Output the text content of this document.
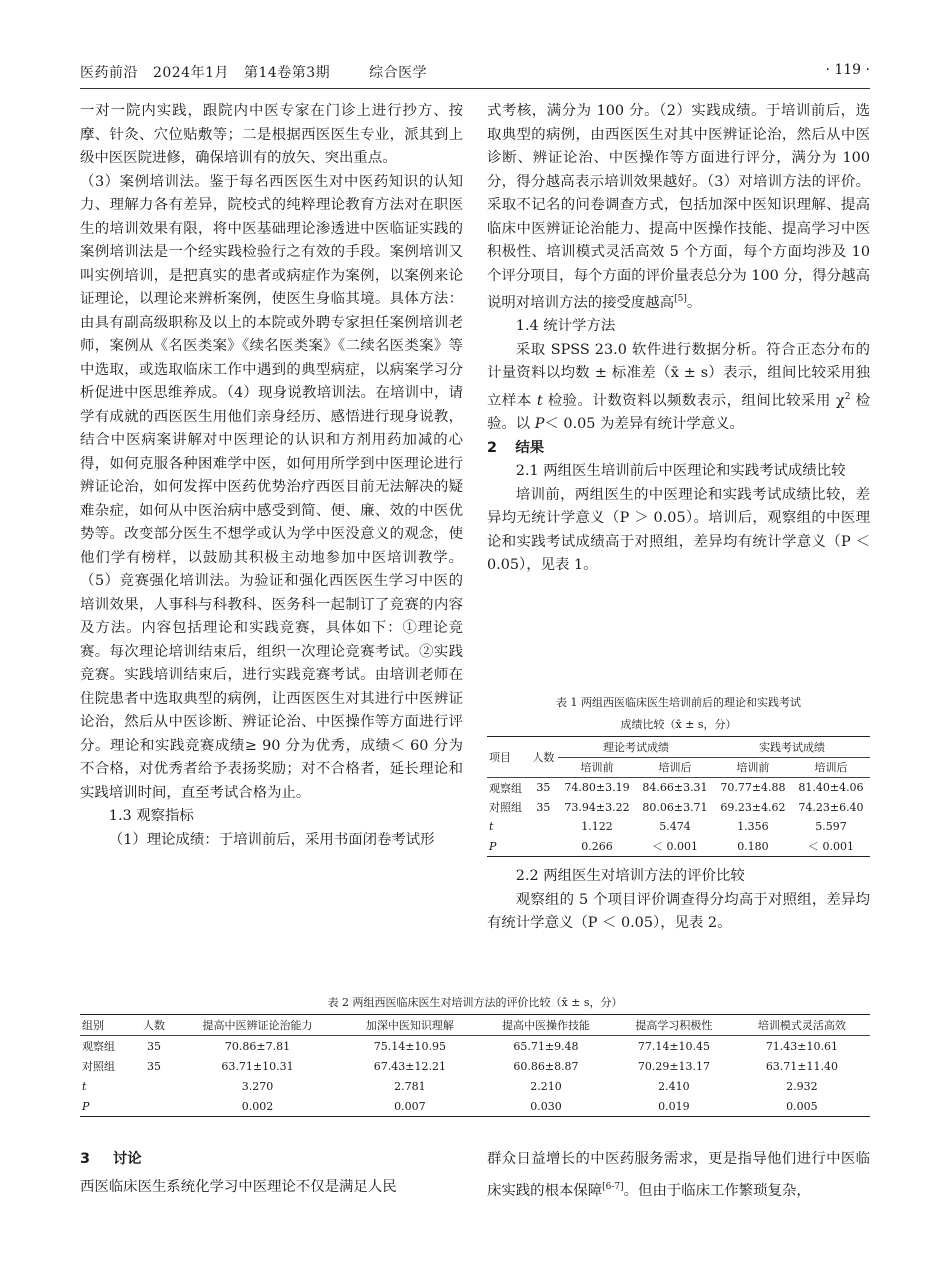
医药前沿 2024年1月 第14卷第3期	综合医学	· 119 ·

一对一院内实践，跟院内中医专家在门诊上进行抄方、按摩、针灸、穴位贴敷等；二是根据西医医生专业，派其到上级中医医院进修，确保培训有的放矢、突出重点。

（3）案例培训法。鉴于每名西医医生对中医药知识的认知力、理解力各有差异，院校式的纯粹理论教育方法对在职医生的培训效果有限，将中医基础理论渗透进中医临证实践的案例培训法是一个经实践检验行之有效的手段。案例培训又叫实例培训，是把真实的患者或病症作为案例，以案例来论证理论，以理论来辨析案例，使医生身临其境。具体方法：由具有副高级职称及以上的本院或外聘专家担任案例培训老师，案例从《名医类案》《续名医类案》《二续名医类案》等中选取，或选取临床工作中遇到的典型病症，以病案学习分析促进中医思维养成。（4）现身说教培训法。在培训中，请学有成就的西医医生用他们亲身经历、感悟进行现身说教，结合中医病案讲解对中医理论的认识和方剂用药加减的心得，如何克服各种困难学中医，如何用所学到中医理论进行辨证论治，如何发挥中医药优势治疗西医目前无法解决的疑难杂症，如何从中医治病中感受到简、便、廉、效的中医优势等。改变部分医生不想学或认为学中医没意义的观念，使他们学有榜样，以鼓励其积极主动地参加中医培训教学。（5）竞赛强化培训法。为验证和强化西医医生学习中医的培训效果，人事科与科教科、医务科一起制订了竞赛的内容及方法。内容包括理论和实践竞赛，具体如下：①理论竞赛。每次理论培训结束后，组织一次理论竞赛考试。②实践竞赛。实践培训结束后，进行实践竞赛考试。由培训老师在住院患者中选取典型的病例，让西医医生对其进行中医辨证论治，然后从中医诊断、辨证论治、中医操作等方面进行评分。理论和实践竞赛成绩≥ 90 分为优秀，成绩＜ 60 分为不合格，对优秀者给予表扬奖励；对不合格者，延长理论和实践培训时间，直至考试合格为止。

1.3 观察指标

（1）理论成绩：于培训前后，采用书面闭卷考试形

式考核，满分为 100 分。（2）实践成绩。于培训前后，选取典型的病例，由西医医生对其中医辨证论治，然后从中医诊断、辨证论治、中医操作等方面进行评分，满分为 100 分，得分越高表示培训效果越好。（3）对培训方法的评价。采取不记名的问卷调查方式，包括加深中医知识理解、提高临床中医辨证论治能力、提高中医操作技能、提高学习中医积极性、培训模式灵活高效 5 个方面，每个方面均涉及 10 个评分项目，每个方面的评价量表总分为 100 分，得分越高说明对培训方法的接受度越高[5]。

1.4 统计学方法

采取 SPSS 23.0 软件进行数据分析。符合正态分布的计量资料以均数 ± 标准差（x̄ ± s）表示，组间比较采用独立样本 t 检验。计数资料以频数表示，组间比较采用 $\chi^2$ 检验。以 P＜ 0.05 为差异有统计学意义。

2 结果

2.1 两组医生培训前后中医理论和实践考试成绩比较

培训前，两组医生的中医理论和实践考试成绩比较，差异均无统计学意义（P ＞ 0.05）。培训后，观察组的中医理论和实践考试成绩高于对照组，差异均有统计学意义（P ＜ 0.05），见表 1。

表 1 两组西医临床医生培训前后的理论和实践考试

成绩比较（x̄ ± s，分）

项目	人数	理论考试成绩		实践考试成绩	
		培训前	培训后	培训前	培训后
观察组	35	74.80±3.19	84.66±3.31	70.77±4.88	81.40±4.06
对照组	35	73.94±3.22	80.06±3.71	69.23±4.62	74.23±6.40
t		1.122	5.474	1.356	5.597
P		0.266	＜ 0.001	0.180	＜ 0.001

2.2 两组医生对培训方法的评价比较

观察组的 5 个项目评价调查得分均高于对照组，差异均有统计学意义（P ＜ 0.05），见表 2。

表 2 两组西医临床医生对培训方法的评价比较（x̄ ± s，分）

组别	人数	提高中医辨证论治能力	加深中医知识理解	提高中医操作技能	提高学习积极性	培训模式灵活高效
观察组	35	70.86±7.81	75.14±10.95	65.71±9.48	77.14±10.45	71.43±10.61
对照组	35	63.71±10.31	67.43±12.21	60.86±8.87	70.29±13.17	63.71±11.40
t		3.270	2.781	2.210	2.410	2.932
P		0.002	0.007	0.030	0.019	0.005

3 讨论

西医临床医生系统化学习中医理论不仅是满足人民

群众日益增长的中医药服务需求，更是指导他们进行中医临床实践的根本保障[6-7]。但由于临床工作繁琐复杂，
